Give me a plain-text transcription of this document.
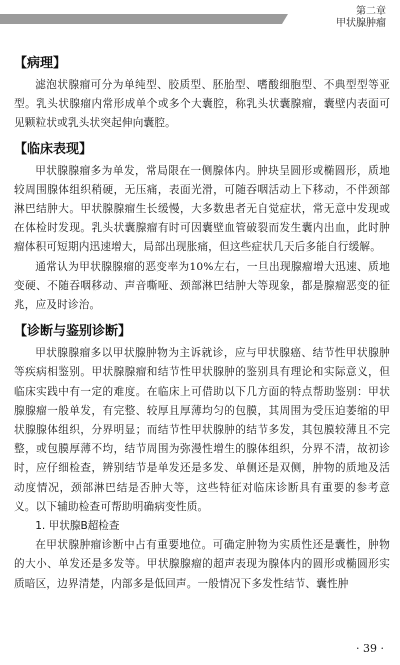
第二章
甲状腺肿瘤
【病理】

滤泡状腺瘤可分为单纯型、胶质型、胚胎型、嗜酸细胞型、不典型型等亚型。乳头状腺瘤内常形成单个或多个大囊腔，称乳头状囊腺瘤，囊壁内表面可见颗粒状或乳头状突起伸向囊腔。

【临床表现】

甲状腺腺瘤多为单发，常局限在一侧腺体内。肿块呈圆形或椭圆形，质地较周围腺体组织稍硬，无压痛，表面光滑，可随吞咽活动上下移动，不伴颈部淋巴结肿大。甲状腺腺瘤生长缓慢，大多数患者无自觉症状，常无意中发现或在体检时发现。乳头状囊腺瘤有时可因囊壁血管破裂而发生囊内出血，此时肿瘤体积可短期内迅速增大，局部出现胀痛，但这些症状几天后多能自行缓解。

通常认为甲状腺腺瘤的恶变率为10%左右，一旦出现腺瘤增大迅速、质地变硬、不随吞咽移动、声音嘶哑、颈部淋巴结肿大等现象，都是腺瘤恶变的征兆，应及时诊治。

【诊断与鉴别诊断】

甲状腺腺瘤多以甲状腺肿物为主诉就诊，应与甲状腺癌、结节性甲状腺肿等疾病相鉴别。甲状腺腺瘤和结节性甲状腺肿的鉴别具有理论和实际意义，但临床实践中有一定的难度。在临床上可借助以下几方面的特点帮助鉴别：甲状腺腺瘤一般单发，有完整、较厚且厚薄均匀的包膜，其周围为受压迫萎缩的甲状腺腺体组织，分界明显；而结节性甲状腺肿的结节多发，其包膜较薄且不完整，或包膜厚薄不均，结节周围为弥漫性增生的腺体组织，分界不清，故初诊时，应仔细检查，辨别结节是单发还是多发、单侧还是双侧，肿物的质地及活动度情况，颈部淋巴结是否肿大等，这些特征对临床诊断具有重要的参考意义。以下辅助检查可帮助明确病变性质。

1. 甲状腺B超检查

在甲状腺肿瘤诊断中占有重要地位。可确定肿物为实质性还是囊性，肿物的大小、单发还是多发等。甲状腺腺瘤的超声表现为腺体内的圆形或椭圆形实质暗区，边界清楚，内部多是低回声。一般情况下多发性结节、囊性肿

· 39 ·
